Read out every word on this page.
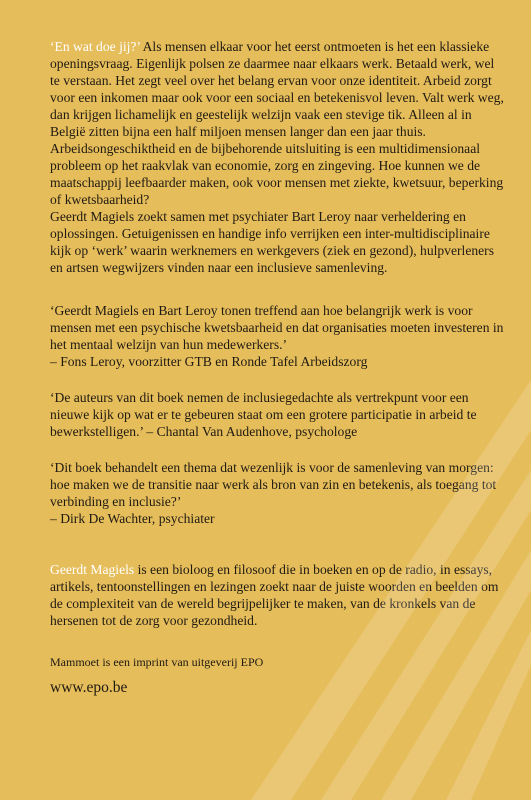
‘En wat doe jij?’ Als mensen elkaar voor het eerst ontmoeten is het een klassieke openingsvraag. Eigenlijk polsen ze daarmee naar elkaars werk. Betaald werk, wel te verstaan. Het zegt veel over het belang ervan voor onze identiteit. Arbeid zorgt voor een inkomen maar ook voor een sociaal en betekenisvol leven. Valt werk weg, dan krijgen lichamelijk en geestelijk welzijn vaak een stevige tik. Alleen al in België zitten bijna een half miljoen mensen langer dan een jaar thuis. Arbeidsongeschiktheid en de bijbehorende uitsluiting is een multidimensionaal probleem op het raakvlak van economie, zorg en zingeving. Hoe kunnen we de maatschappij leefbaarder maken, ook voor mensen met ziekte, kwetsuur, beperking of kwetsbaarheid?

Geerdt Magiels zoekt samen met psychiater Bart Leroy naar verheldering en oplossingen. Getuigenissen en handige info verrijken een inter-multidisciplinaire kijk op ‘werk’ waarin werknemers en werkgevers (ziek en gezond), hulpverleners en artsen wegwijzers vinden naar een inclusieve samenleving.

‘Geerdt Magiels en Bart Leroy tonen treffend aan hoe belangrijk werk is voor mensen met een psychische kwetsbaarheid en dat organisaties moeten investeren in het mentaal welzijn van hun medewerkers.’
– Fons Leroy, voorzitter GTB en Ronde Tafel Arbeidszorg

‘De auteurs van dit boek nemen de inclusiegedachte als vertrekpunt voor een nieuwe kijk op wat er te gebeuren staat om een grotere participatie in arbeid te bewerkstelligen.’ – Chantal Van Audenhove, psychologe

‘Dit boek behandelt een thema dat wezenlijk is voor de samenleving van morgen: hoe maken we de transitie naar werk als bron van zin en betekenis, als toegang tot verbinding en inclusie?’
– Dirk De Wachter, psychiater

Geerdt Magiels is een bioloog en filosoof die in boeken en op de radio, in essays, artikels, tentoonstellingen en lezingen zoekt naar de juiste woorden en beelden om de complexiteit van de wereld begrijpelijker te maken, van de kronkels van de hersenen tot de zorg voor gezondheid.

Mammoet is een imprint van uitgeverij EPO

www.epo.be
